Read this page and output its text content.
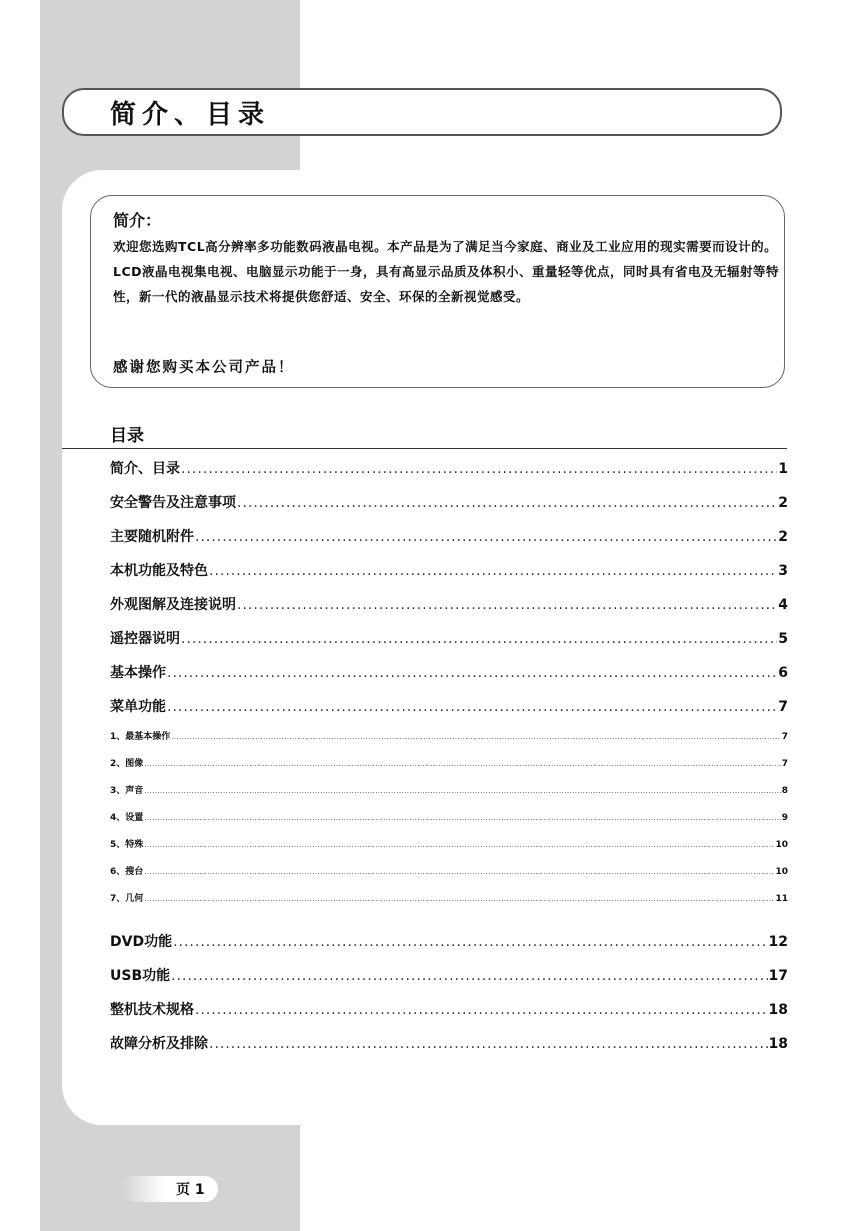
简介、目录
简介：
欢迎您选购TCL高分辨率多功能数码液晶电视。本产品是为了满足当今家庭、商业及工业应用的现实需要而设计的。LCD液晶电视集电视、电脑显示功能于一身，具有高显示品质及体积小、重量轻等优点，同时具有省电及无辐射等特性，新一代的液晶显示技术将提供您舒适、安全、环保的全新视觉感受。
感谢您购买本公司产品！
目录
简介、目录 .....	1
安全警告及注意事项 .....	2
主要随机附件 .....	2
本机功能及特色 .....	3
外观图解及连接说明 .....	4
遥控器说明 .....	5
基本操作 .....	6
菜单功能 .....	7
1、最基本操作 .....	7
2、图像 .....	7
3、声音 .....	8
4、设置 .....	9
5、特殊 .....	10
6、搜台 .....	10
7、几何 .....	11
DVD功能 .....	12
USB功能 .....	17
整机技术规格 .....	18
故障分析及排除 .....	18
页 1
